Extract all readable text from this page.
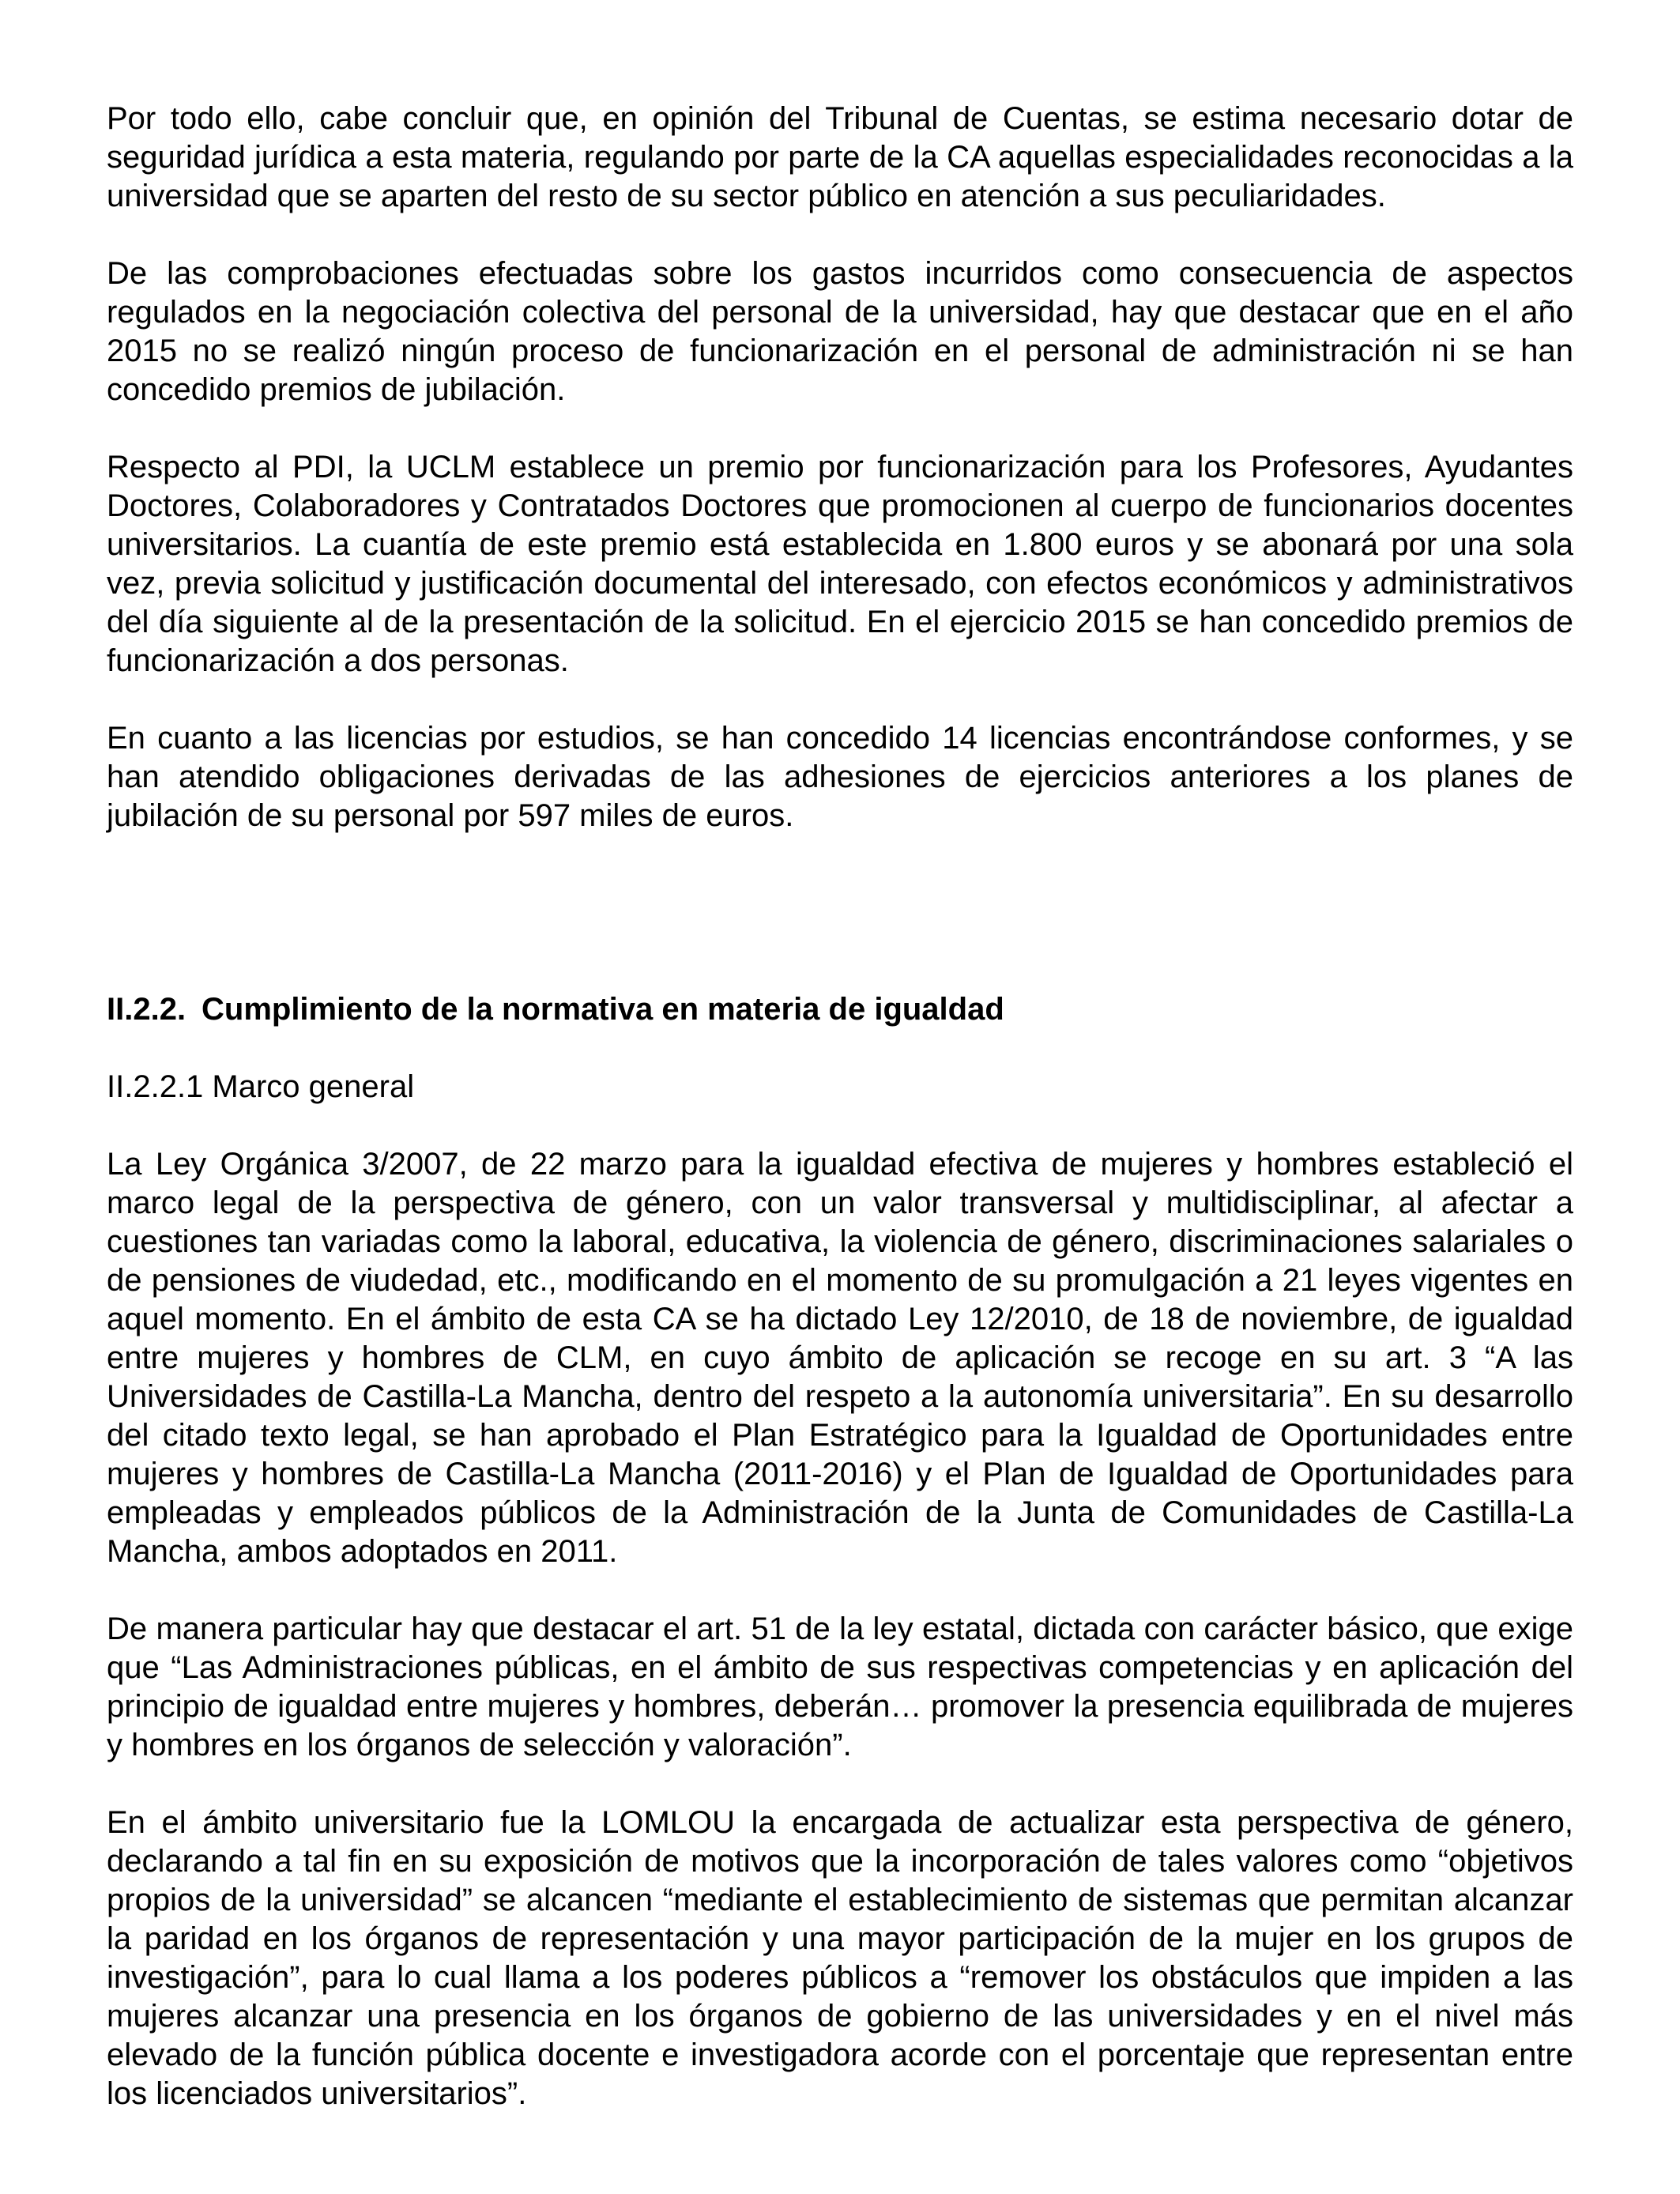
Por todo ello, cabe concluir que, en opinión del Tribunal de Cuentas, se estima necesario dotar de seguridad jurídica a esta materia, regulando por parte de la CA aquellas especialidades reconocidas a la universidad que se aparten del resto de su sector público en atención a sus peculiaridades.

De las comprobaciones efectuadas sobre los gastos incurridos como consecuencia de aspectos regulados en la negociación colectiva del personal de la universidad, hay que destacar que en el año 2015 no se realizó ningún proceso de funcionarización en el personal de administración ni se han concedido premios de jubilación.

Respecto al PDI, la UCLM establece un premio por funcionarización para los Profesores, Ayudantes Doctores, Colaboradores y Contratados Doctores que promocionen al cuerpo de funcionarios docentes universitarios. La cuantía de este premio está establecida en 1.800 euros y se abonará por una sola vez, previa solicitud y justificación documental del interesado, con efectos económicos y administrativos del día siguiente al de la presentación de la solicitud. En el ejercicio 2015 se han concedido premios de funcionarización a dos personas.

En cuanto a las licencias por estudios, se han concedido 14 licencias encontrándose conformes, y se han atendido obligaciones derivadas de las adhesiones de ejercicios anteriores a los planes de jubilación de su personal por 597 miles de euros.

II.2.2. Cumplimiento de la normativa en materia de igualdad
II.2.2.1 Marco general

La Ley Orgánica 3/2007, de 22 marzo para la igualdad efectiva de mujeres y hombres estableció el marco legal de la perspectiva de género, con un valor transversal y multidisciplinar, al afectar a cuestiones tan variadas como la laboral, educativa, la violencia de género, discriminaciones salariales o de pensiones de viudedad, etc., modificando en el momento de su promulgación a 21 leyes vigentes en aquel momento. En el ámbito de esta CA se ha dictado Ley 12/2010, de 18 de noviembre, de igualdad entre mujeres y hombres de CLM, en cuyo ámbito de aplicación se recoge en su art. 3 “A las Universidades de Castilla-La Mancha, dentro del respeto a la autonomía universitaria”. En su desarrollo del citado texto legal, se han aprobado el Plan Estratégico para la Igualdad de Oportunidades entre mujeres y hombres de Castilla-La Mancha (2011-2016) y el Plan de Igualdad de Oportunidades para empleadas y empleados públicos de la Administración de la Junta de Comunidades de Castilla-La Mancha, ambos adoptados en 2011.

De manera particular hay que destacar el art. 51 de la ley estatal, dictada con carácter básico, que exige que “Las Administraciones públicas, en el ámbito de sus respectivas competencias y en aplicación del principio de igualdad entre mujeres y hombres, deberán… promover la presencia equilibrada de mujeres y hombres en los órganos de selección y valoración”.

En el ámbito universitario fue la LOMLOU la encargada de actualizar esta perspectiva de género, declarando a tal fin en su exposición de motivos que la incorporación de tales valores como “objetivos propios de la universidad” se alcancen “mediante el establecimiento de sistemas que permitan alcanzar la paridad en los órganos de representación y una mayor participación de la mujer en los grupos de investigación”, para lo cual llama a los poderes públicos a “remover los obstáculos que impiden a las mujeres alcanzar una presencia en los órganos de gobierno de las universidades y en el nivel más elevado de la función pública docente e investigadora acorde con el porcentaje que representan entre los licenciados universitarios”.
